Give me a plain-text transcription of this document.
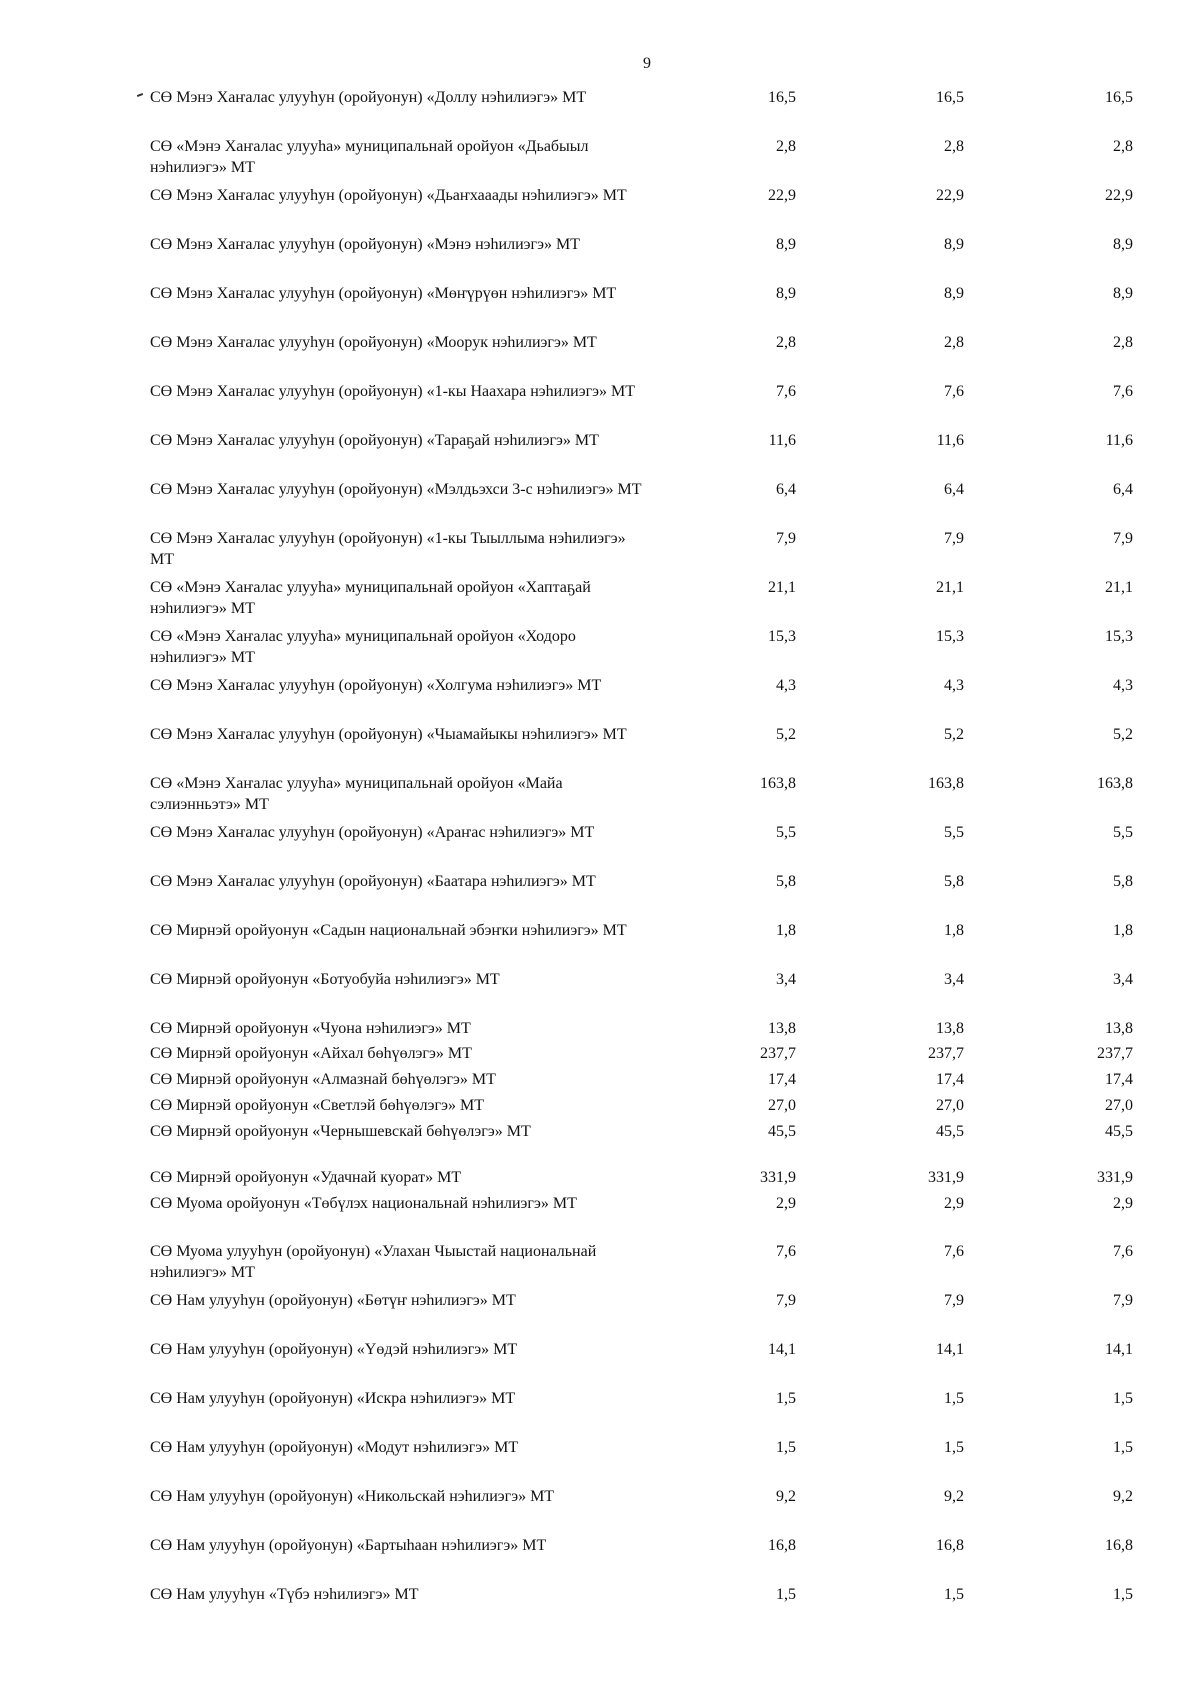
9
СӨ Мэнэ Хаҥалас улууһун (оройуонун) «Доллу нэһилиэгэ» МТ	16,5	16,5	16,5
СӨ «Мэнэ Хаҥалас улууһа» муниципальнай оройуон «Дьабыыл нэһилиэгэ» МТ
2,8	2,8	2,8
СӨ Мэнэ Хаҥалас улууһун (оройуонун) «Дьаҥхааады нэһилиэгэ» МТ	22,9	22,9	22,9
СӨ Мэнэ Хаҥалас улууһун (оройуонун) «Мэнэ нэһилиэгэ» МТ	8,9	8,9	8,9
СӨ Мэнэ Хаҥалас улууһун (оройуонун) «Мөҥүрүөн нэһилиэгэ» МТ	8,9	8,9	8,9
СӨ Мэнэ Хаҥалас улууһун (оройуонун) «Моорук нэһилиэгэ» МТ	2,8	2,8	2,8
СӨ Мэнэ Хаҥалас улууһун (оройуонун) «1-кы Наахара нэһилиэгэ» МТ	7,6	7,6	7,6
СӨ Мэнэ Хаҥалас улууһун (оройуонун) «Тараҕай нэһилиэгэ» МТ	11,6	11,6	11,6
СӨ Мэнэ Хаҥалас улууһун (оройуонун) «Мэлдьэхси 3-с нэһилиэгэ» МТ	6,4	6,4	6,4
СӨ Мэнэ Хаҥалас улууһун (оройуонун) «1-кы Тыыллыма нэһилиэгэ» МТ
7,9	7,9	7,9
СӨ «Мэнэ Хаҥалас улууһа» муниципальнай оройуон «Хаптаҕай нэһилиэгэ» МТ
21,1	21,1	21,1
СӨ «Мэнэ Хаҥалас улууһа» муниципальнай оройуон «Ходоро нэһилиэгэ» МТ
15,3	15,3	15,3
СӨ Мэнэ Хаҥалас улууһун (оройуонун) «Холгума нэһилиэгэ» МТ	4,3	4,3	4,3
СӨ Мэнэ Хаҥалас улууһун (оройуонун) «Чыамайыкы нэһилиэгэ» МТ	5,2	5,2	5,2
СӨ «Мэнэ Хаҥалас улууһа» муниципальнай оройуон «Майа сэлиэнньэтэ» МТ
163,8	163,8	163,8
СӨ Мэнэ Хаҥалас улууһун (оройуонун) «Араҥас нэһилиэгэ» МТ	5,5	5,5	5,5
СӨ Мэнэ Хаҥалас улууһун (оройуонун) «Баатара нэһилиэгэ» МТ	5,8	5,8	5,8
СӨ Мирнэй оройуонун «Садын национальнай эбэҥки нэһилиэгэ» МТ	1,8	1,8	1,8
СӨ Мирнэй оройуонун «Ботуобуйа нэһилиэгэ» МТ	3,4	3,4	3,4
СӨ Мирнэй оройуонун «Чуона нэһилиэгэ» МТ	13,8	13,8	13,8
СӨ Мирнэй оройуонун «Айхал бөһүөлэгэ» МТ	237,7	237,7	237,7
СӨ Мирнэй оройуонун «Алмазнай бөһүөлэгэ» МТ	17,4	17,4	17,4
СӨ Мирнэй оройуонун «Светлэй бөһүөлэгэ» МТ	27,0	27,0	27,0
СӨ Мирнэй оройуонун «Чернышевскай бөһүөлэгэ» МТ	45,5	45,5	45,5
СӨ Мирнэй оройуонун «Удачнай куорат» МТ	331,9	331,9	331,9
СӨ Муома оройуонун «Төбүлэх национальнай нэһилиэгэ» МТ	2,9	2,9	2,9
СӨ Муома улууһун (оройуонун) «Улахан Чыыстай национальнай нэһилиэгэ» МТ
7,6	7,6	7,6
СӨ Нам улууһун (оройуонун) «Бөтүҥ нэһилиэгэ» МТ	7,9	7,9	7,9
СӨ Нам улууһун (оройуонун) «Үөдэй нэһилиэгэ» МТ	14,1	14,1	14,1
СӨ Нам улууһун (оройуонун) «Искра нэһилиэгэ» МТ	1,5	1,5	1,5
СӨ Нам улууһун (оройуонун) «Модут нэһилиэгэ» МТ	1,5	1,5	1,5
СӨ Нам улууһун (оройуонун) «Никольскай нэһилиэгэ» МТ	9,2	9,2	9,2
СӨ Нам улууһун (оройуонун) «Бартыһаан нэһилиэгэ» МТ	16,8	16,8	16,8
СӨ Нам улууһун «Түбэ нэһилиэгэ» МТ	1,5	1,5	1,5
